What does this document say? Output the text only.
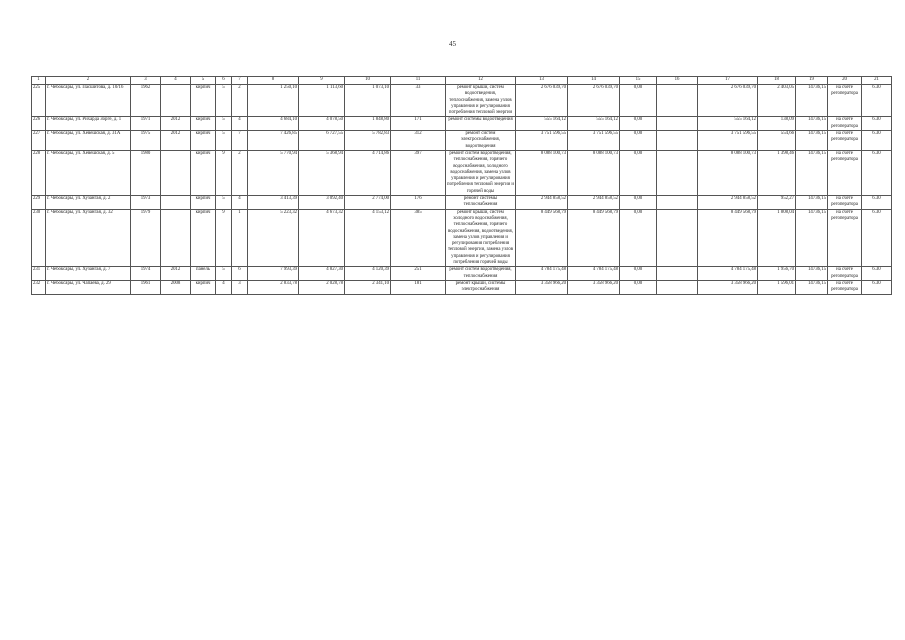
45
1	2	3	4	5	6	7	8	9	10	11	12	13	14	15	16	17	18	19	20	21
225	г. Чебоксары, ул. Пасшитова, д. 10/16	1962		кирпич	5	2	1 250,10	1 113,60	1 073,10	33	ремонт крыши, систем водоотведения, теплоснабжения, замена узлов управления и регулирования потребления тепловой энергии	2 676 039,70	2 676 039,70	0,00		2 676 039,70	2 403,05	14736,15	на счете регоператора	6.30
226	г. Чебоксары, ул. Рихарда Зорге, д. 1	1971	2012	кирпич	5	4	4 684,10	4 078,50	1 848,80	171	ремонт системы водоотведения	555 164,12	555 164,12	0,00		555 164,12	138,09	14736,15	на счете регоператора	6.30
227	г. Чебоксары, ул. Хевешская, д. 31А	1975	2012	кирпич	5	7	7 426,85	6 727,55	5 782,83	312	ремонт систем электроснабжения, водоотведения	3 751 596,55	3 751 596,55	0,00		3 751 596,55	554,66	14736,15	на счете регоператора	6.30
228	г. Чебоксары, ул. Хевешская, д. 5	1980		кирпич	9	2	5 770,94	5 368,94	4 714,86	397	ремонт систем водоотведения, теплоснабжения, горячего водоснабжения, холодного водоснабжения, замена узлов управления и регулирования потребления тепловой энергии и горячей воды	8 088 100,73	8 088 100,73	0,00		8 088 100,73	1 398,46	14736,15	на счете регоператора	6.30
229	г. Чебоксары, ул. Хузангая, д. 2	1973		кирпич	5	4	3 413,39	3 092,40	2 774,00	176	ремонт системы теплоснабжения	2 944 858,52	2 944 858,52	0,00		2 944 858,52	952,27	14736,15	на счете регоператора	6.30
230	г. Чебоксары, ул. Хузангая, д. 32	1979		кирпич	9	1	5 223,32	4 673,32	4 153,12	385	ремонт крыши, систем холодного водоснабжения, теплоснабжения, горячего водоснабжения, водоотведения, замена узлов управления и регулирования потребления тепловой энергии, замена узлов управления и регулирования потребления горячей воды	8 449 568,79	8 449 568,79	0,00		8 449 568,79	1 808,04	14736,15	на счете регоператора	6.30
231	г. Чебоксары, ул. Хузангая, д. 7	1974	2012	панель	5	6	7 993,39	4 827,30	4 120,39	251	ремонт систем водоотведения, теплоснабжения	4 784 175,48	4 784 175,48	0,00		4 784 175,48	1 956,70	14736,15	на счете регоператора	6.30
232	г. Чебоксары, ул. Чапаева, д. 29	1961	2008	кирпич	4	3	2 833,78	2 028,78	2 341,10	181	ремонт крыши, системы электроснабжения	3 358 966,20	3 358 966,20	0,00		3 358 966,20	1 596,01	14736,15	на счете регоператора	6.30
